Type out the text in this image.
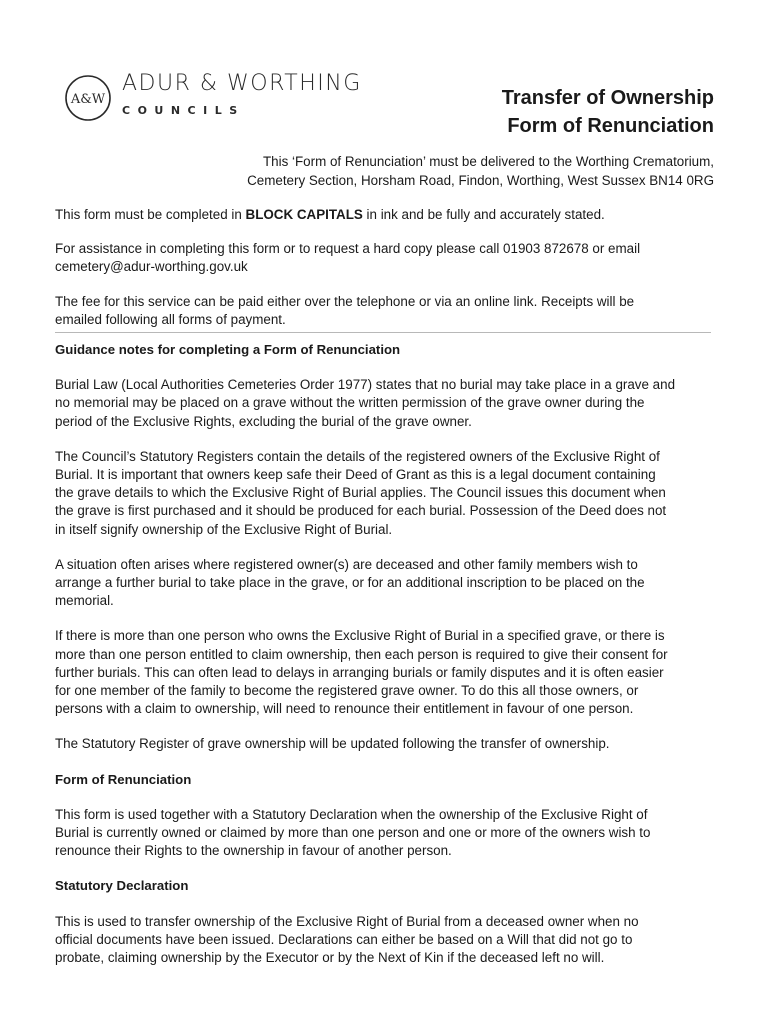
A&W
ADUR & WORTHING
COUNCILS
Transfer of Ownership
Form of Renunciation
This ‘Form of Renunciation’ must be delivered to the Worthing Crematorium,
Cemetery Section, Horsham Road, Findon, Worthing, West Sussex BN14 0RG

This form must be completed in BLOCK CAPITALS in ink and be fully and accurately stated.

For assistance in completing this form or to request a hard copy please call 01903 872678 or email
cemetery@adur-worthing.gov.uk

The fee for this service can be paid either over the telephone or via an online link. Receipts will be
emailed following all forms of payment.

Guidance notes for completing a Form of Renunciation

Burial Law (Local Authorities Cemeteries Order 1977) states that no burial may take place in a grave and
no memorial may be placed on a grave without the written permission of the grave owner during the
period of the Exclusive Rights, excluding the burial of the grave owner.

The Council’s Statutory Registers contain the details of the registered owners of the Exclusive Right of
Burial. It is important that owners keep safe their Deed of Grant as this is a legal document containing
the grave details to which the Exclusive Right of Burial applies. The Council issues this document when
the grave is first purchased and it should be produced for each burial. Possession of the Deed does not
in itself signify ownership of the Exclusive Right of Burial.

A situation often arises where registered owner(s) are deceased and other family members wish to
arrange a further burial to take place in the grave, or for an additional inscription to be placed on the
memorial.

If there is more than one person who owns the Exclusive Right of Burial in a specified grave, or there is
more than one person entitled to claim ownership, then each person is required to give their consent for
further burials. This can often lead to delays in arranging burials or family disputes and it is often easier
for one member of the family to become the registered grave owner. To do this all those owners, or
persons with a claim to ownership, will need to renounce their entitlement in favour of one person.

The Statutory Register of grave ownership will be updated following the transfer of ownership.

Form of Renunciation

This form is used together with a Statutory Declaration when the ownership of the Exclusive Right of
Burial is currently owned or claimed by more than one person and one or more of the owners wish to
renounce their Rights to the ownership in favour of another person.

Statutory Declaration

This is used to transfer ownership of the Exclusive Right of Burial from a deceased owner when no
official documents have been issued. Declarations can either be based on a Will that did not go to
probate, claiming ownership by the Executor or by the Next of Kin if the deceased left no will.
